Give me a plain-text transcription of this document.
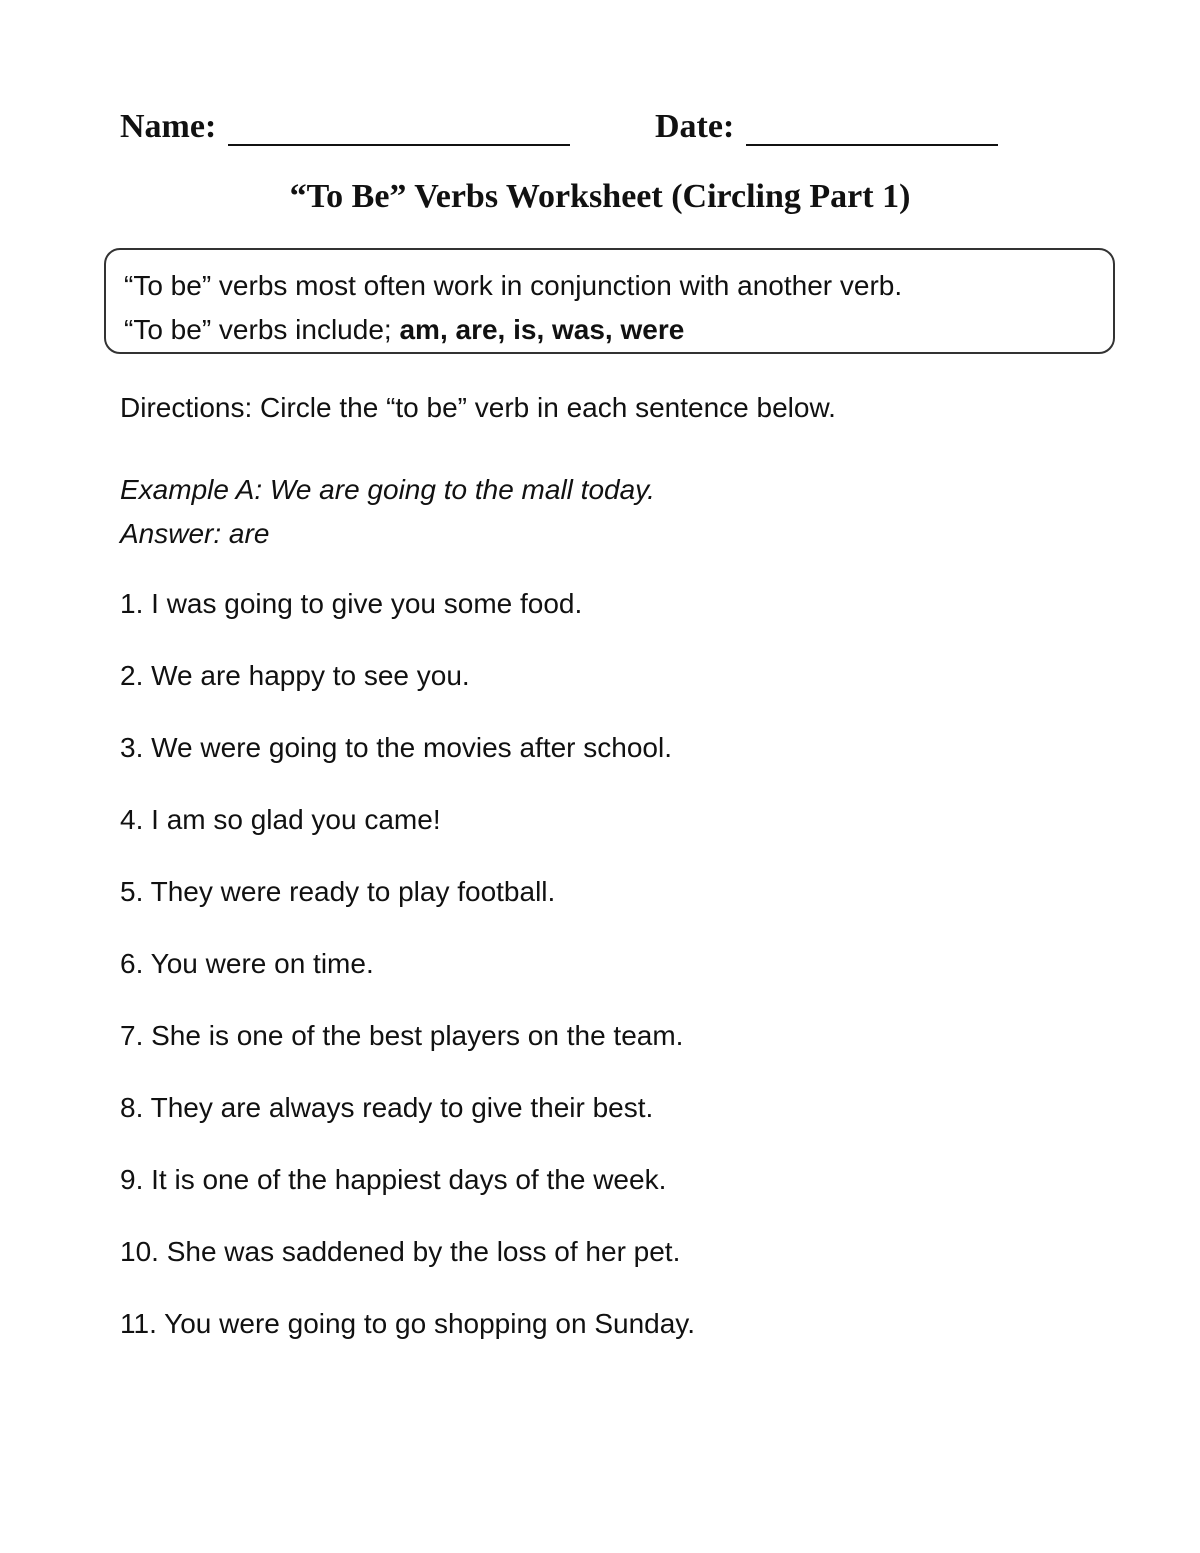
Name:	Date:
“To Be” Verbs Worksheet (Circling Part 1)
“To be” verbs most often work in conjunction with another verb.
“To be” verbs include; am, are, is, was, were
Directions: Circle the “to be” verb in each sentence below.
Example A: We are going to the mall today.
Answer: are
1. I was going to give you some food.
2. We are happy to see you.
3. We were going to the movies after school.
4. I am so glad you came!
5. They were ready to play football.
6. You were on time.
7. She is one of the best players on the team.
8. They are always ready to give their best.
9. It is one of the happiest days of the week.
10. She was saddened by the loss of her pet.
11. You were going to go shopping on Sunday.
